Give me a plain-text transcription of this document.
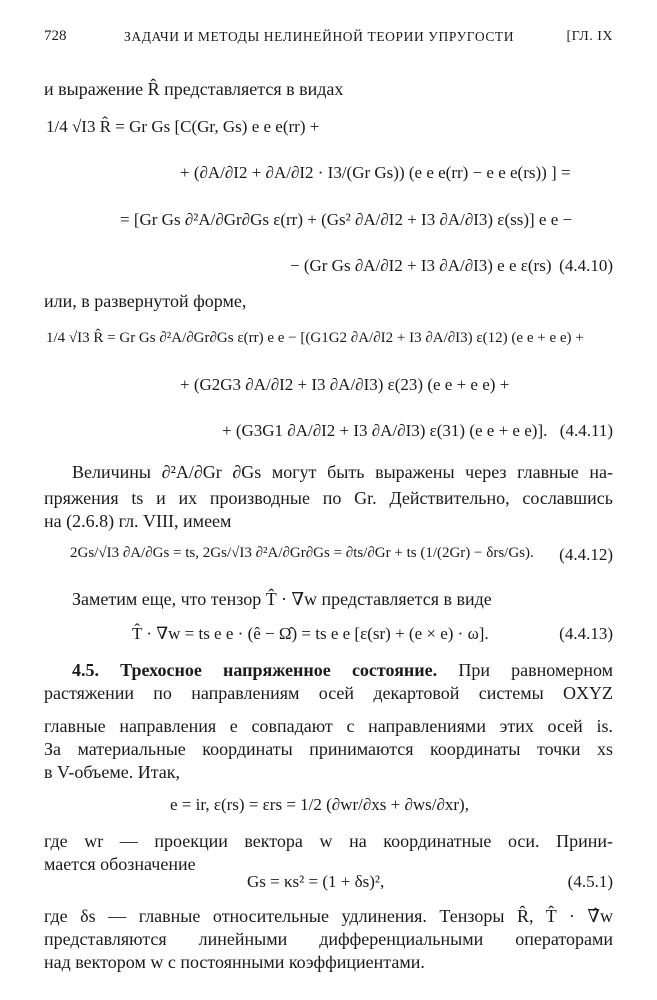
728	ЗАДАЧИ И МЕТОДЫ НЕЛИНЕЙНОЙ ТЕОРИИ УПРУГОСТИ	[ГЛ. IX
и выражение R̂ представляется в видах
1/4 √I3 R̂ = Gr Gs [C(Gr, Gs) e e e(rr) +
+ (∂A/∂I2 + ∂A/∂I2 · I3/(Gr Gs)) (e e e(rr) − e e e(rs)) ] =
= [Gr Gs ∂²A/∂Gr∂Gs ε(rr) + (Gs² ∂A/∂I2 + I3 ∂A/∂I3) ε(ss)] e e −
− (Gr Gs ∂A/∂I2 + I3 ∂A/∂I3) e e ε(rs) (4.4.10)
или, в развернутой форме,
1/4 √I3 R̂ = Gr Gs ∂²A/∂Gr∂Gs ε(rr) e e − [(G1G2 ∂A/∂I2 + I3 ∂A/∂I3) ε(12) (e e + e e) +
+ (G2G3 ∂A/∂I2 + I3 ∂A/∂I3) ε(23) (e e + e e) +
+ (G3G1 ∂A/∂I2 + I3 ∂A/∂I3) ε(31) (e e + e e)]. (4.4.11)
Величины ∂²A/∂Gr ∂Gs могут быть выражены через главные на-
пряжения ts и их производные по Gr. Действительно, сославшись
на (2.6.8) гл. VIII, имеем
2Gs/√I3 ∂A/∂Gs = ts, 2Gs/√I3 ∂²A/∂Gr∂Gs = ∂ts/∂Gr + ts (1/(2Gr) − δrs/Gs). (4.4.12)
Заметим еще, что тензор T̂ · ∇w представляется в виде
T̂ · ∇w = ts e e · (ê − Ω̂) = ts e e [ε(sr) + (e × e) · ω].	(4.4.13)
4.5. Трехосное напряженное состояние. При равномерном
растяжении по направлениям осей декартовой системы OXYZ
главные направления e совпадают с направлениями этих осей is.
За материальные координаты принимаются координаты точки xs
в V-объеме. Итак,
e = ir, ε(rs) = εrs = 1/2 (∂wr/∂xs + ∂ws/∂xr),
где wr — проекции вектора w на координатные оси. Прини-
мается обозначение
Gs = κs² = (1 + δs)²,	(4.5.1)
где δs — главные относительные удлинения. Тензоры R̂, T̂ · ∇̂w
представляются линейными дифференциальными операторами
над вектором w с постоянными коэффициентами.
